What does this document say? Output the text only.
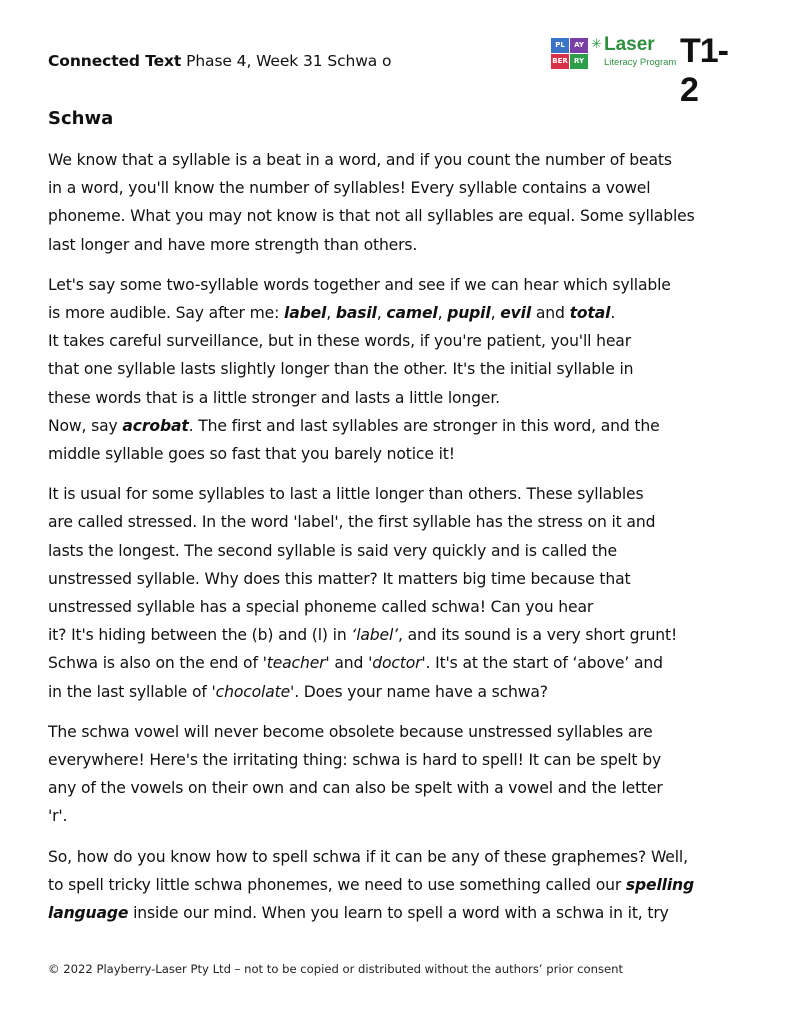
Connected Text Phase 4, Week 31 Schwa o
PL	AY
BER RY
✳ Laser
Literacy Program T1-2
Schwa

We know that a syllable is a beat in a word, and if you count the number of beats
in a word, you'll know the number of syllables! Every syllable contains a vowel
phoneme. What you may not know is that not all syllables are equal. Some syllables
last longer and have more strength than others.

Let's say some two-syllable words together and see if we can hear which syllable
is more audible. Say after me: label, basil, camel, pupil, evil and total.
It takes careful surveillance, but in these words, if you're patient, you'll hear
that one syllable lasts slightly longer than the other. It's the initial syllable in
these words that is a little stronger and lasts a little longer.
Now, say acrobat. The first and last syllables are stronger in this word, and the
middle syllable goes so fast that you barely notice it!

It is usual for some syllables to last a little longer than others. These syllables
are called stressed. In the word 'label', the first syllable has the stress on it and
lasts the longest. The second syllable is said very quickly and is called the
unstressed syllable. Why does this matter? It matters big time because that
unstressed syllable has a special phoneme called schwa! Can you hear
it? It's hiding between the (b) and (l) in ‘label’, and its sound is a very short grunt!
Schwa is also on the end of 'teacher' and 'doctor'. It's at the start of ‘above’ and
in the last syllable of 'chocolate'. Does your name have a schwa?

The schwa vowel will never become obsolete because unstressed syllables are
everywhere! Here's the irritating thing: schwa is hard to spell! It can be spelt by
any of the vowels on their own and can also be spelt with a vowel and the letter
'r'.

So, how do you know how to spell schwa if it can be any of these graphemes? Well,
to spell tricky little schwa phonemes, we need to use something called our spelling
language inside our mind. When you learn to spell a word with a schwa in it, try

© 2022 Playberry-Laser Pty Ltd – not to be copied or distributed without the authors’ prior consent
